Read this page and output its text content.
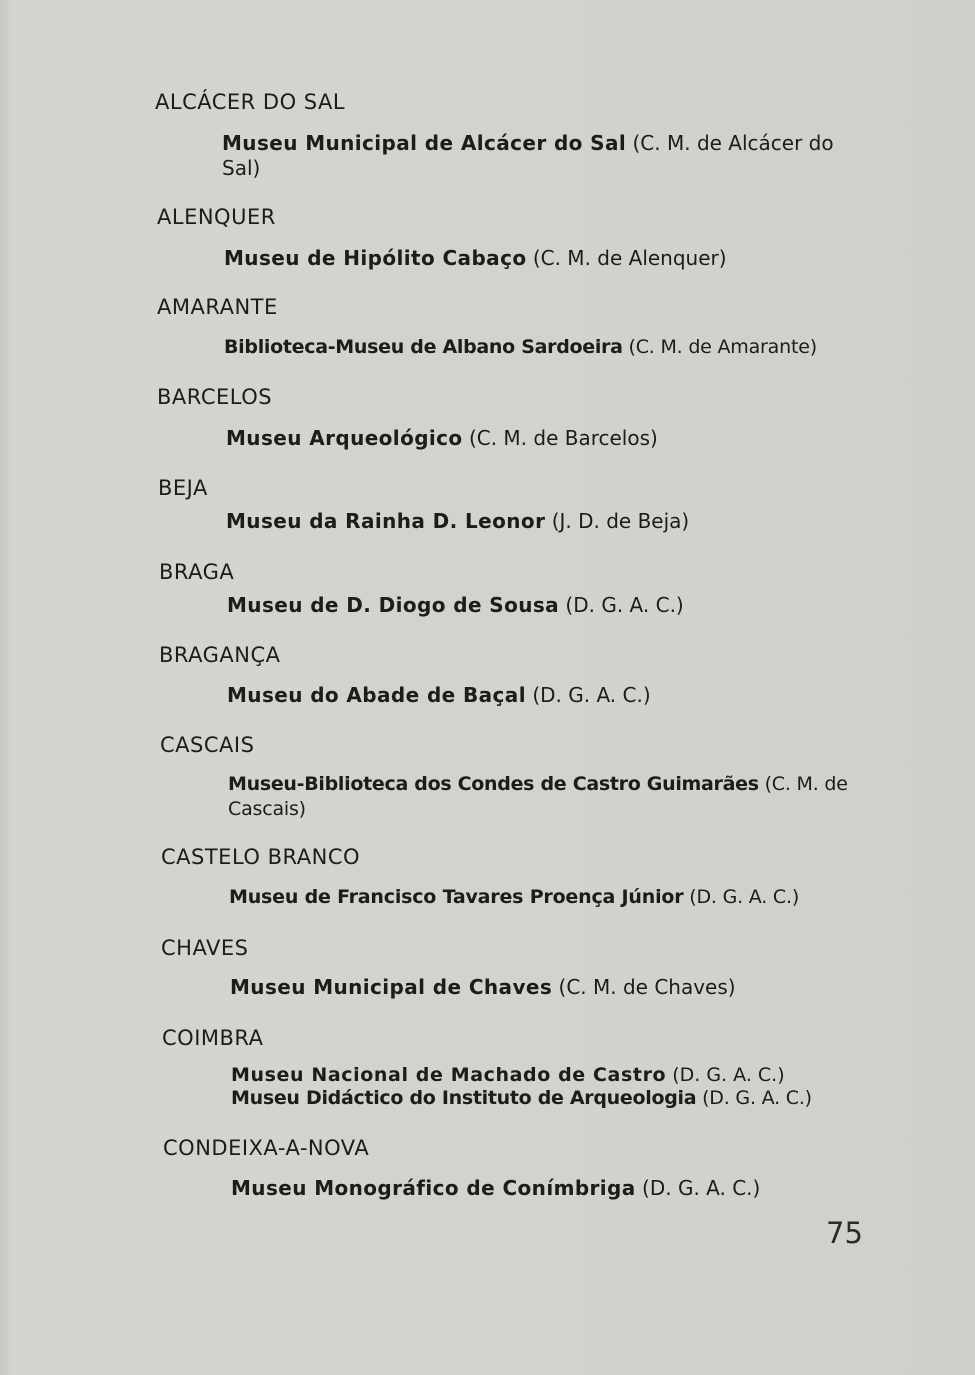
ALCÁCER DO SAL
Museu Municipal de Alcácer do Sal (C. M. de Alcácer do Sal)
ALENQUER
Museu de Hipólito Cabaço (C. M. de Alenquer)
AMARANTE
Biblioteca-Museu de Albano Sardoeira (C. M. de Amarante)
BARCELOS
Museu Arqueológico (C. M. de Barcelos)
BEJA
Museu da Rainha D. Leonor (J. D. de Beja)
BRAGA
Museu de D. Diogo de Sousa (D. G. A. C.)
BRAGANÇA
Museu do Abade de Baçal (D. G. A. C.)
CASCAIS
Museu-Biblioteca dos Condes de Castro Guimarães (C. M. de Cascais)
CASTELO BRANCO
Museu de Francisco Tavares Proença Júnior (D. G. A. C.)
CHAVES
Museu Municipal de Chaves (C. M. de Chaves)
COIMBRA
Museu Nacional de Machado de Castro (D. G. A. C.)
Museu Didáctico do Instituto de Arqueologia (D. G. A. C.)
CONDEIXA-A-NOVA
Museu Monográfico de Conímbriga (D. G. A. C.)
75
